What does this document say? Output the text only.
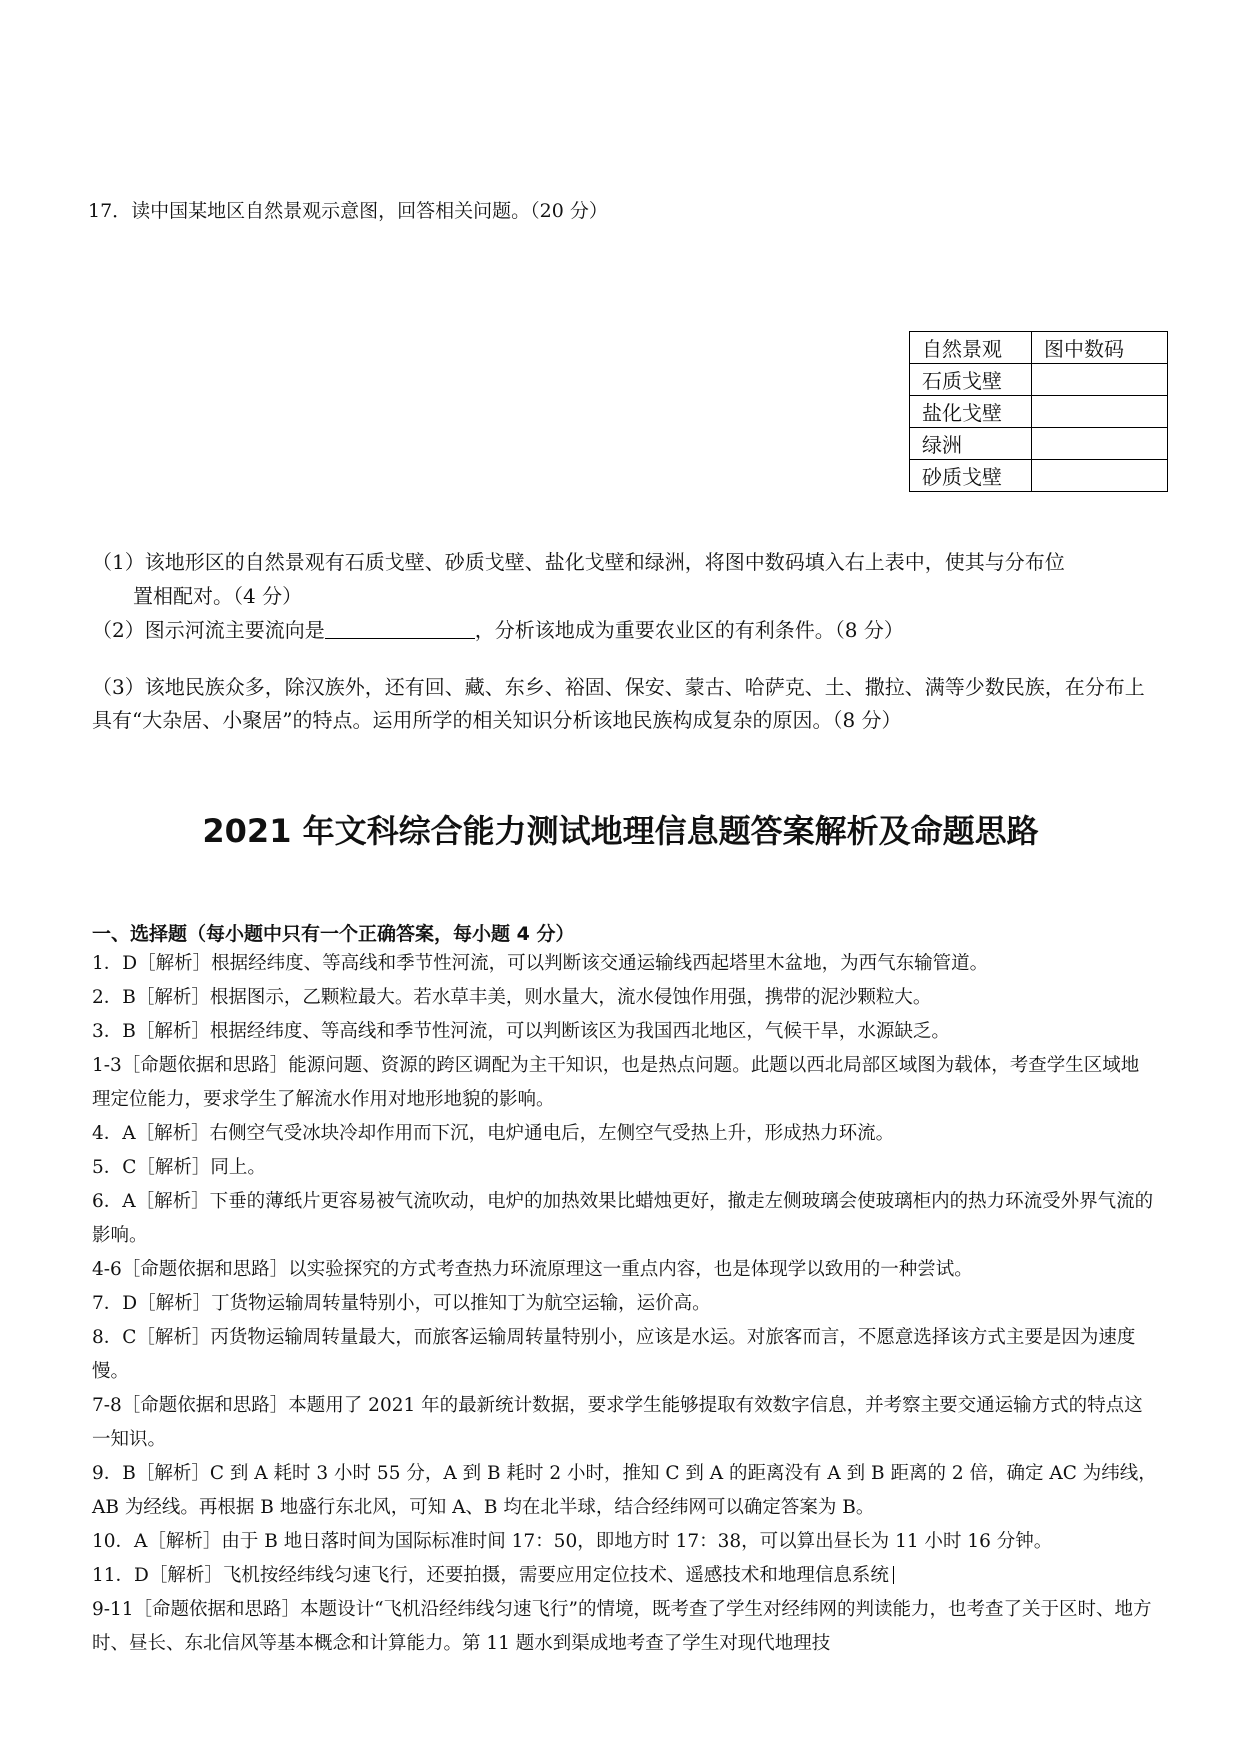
17．读中国某地区自然景观示意图，回答相关问题。（20 分）
自然景观	图中数码
石质戈壁	
盐化戈壁	
绿洲	
砂质戈壁	
（1）该地形区的自然景观有石质戈壁、砂质戈壁、盐化戈壁和绿洲，将图中数码填入右上表中，使其与分布位
置相配对。（4 分）
（2）图示河流主要流向是	，分析该地成为重要农业区的有利条件。（8 分）
（3）该地民族众多，除汉族外，还有回、藏、东乡、裕固、保安、蒙古、哈萨克、土、撒拉、满等少数民族，在分布上具有“大杂居、小聚居”的特点。运用所学的相关知识分析该地民族构成复杂的原因。（8 分）
2021 年文科综合能力测试地理信息题答案解析及命题思路
一、选择题（每小题中只有一个正确答案，每小题 4 分）
1．D［解析］根据经纬度、等高线和季节性河流，可以判断该交通运输线西起塔里木盆地，为西气东输管道。
2．B［解析］根据图示，乙颗粒最大。若水草丰美，则水量大，流水侵蚀作用强，携带的泥沙颗粒大。
3．B［解析］根据经纬度、等高线和季节性河流，可以判断该区为我国西北地区，气候干旱，水源缺乏。
1-3［命题依据和思路］能源问题、资源的跨区调配为主干知识，也是热点问题。此题以西北局部区域图为载体，考查学生区域地理定位能力，要求学生了解流水作用对地形地貌的影响。
4．A［解析］右侧空气受冰块冷却作用而下沉，电炉通电后，左侧空气受热上升，形成热力环流。
5．C［解析］同上。
6．A［解析］下垂的薄纸片更容易被气流吹动，电炉的加热效果比蜡烛更好，撤走左侧玻璃会使玻璃柜内的热力环流受外界气流的影响。
4-6［命题依据和思路］以实验探究的方式考查热力环流原理这一重点内容，也是体现学以致用的一种尝试。
7．D［解析］丁货物运输周转量特别小，可以推知丁为航空运输，运价高。
8．C［解析］丙货物运输周转量最大，而旅客运输周转量特别小，应该是水运。对旅客而言，不愿意选择该方式主要是因为速度慢。
7-8［命题依据和思路］本题用了 2021 年的最新统计数据，要求学生能够提取有效数字信息，并考察主要交通运输方式的特点这一知识。
9．B［解析］C 到 A 耗时 3 小时 55 分，A 到 B 耗时 2 小时，推知 C 到 A 的距离没有 A 到 B 距离的 2 倍，确定 AC 为纬线，AB 为经线。再根据 B 地盛行东北风，可知 A、B 均在北半球，结合经纬网可以确定答案为 B。
10．A［解析］由于 B 地日落时间为国际标准时间 17：50，即地方时 17：38，可以算出昼长为 11 小时 16 分钟。
11．D［解析］飞机按经纬线匀速飞行，还要拍摄，需要应用定位技术、遥感技术和地理信息系统
9-11［命题依据和思路］本题设计“飞机沿经纬线匀速飞行”的情境，既考查了学生对经纬网的判读能力，也考查了关于区时、地方时、昼长、东北信风等基本概念和计算能力。第 11 题水到渠成地考查了学生对现代地理技
